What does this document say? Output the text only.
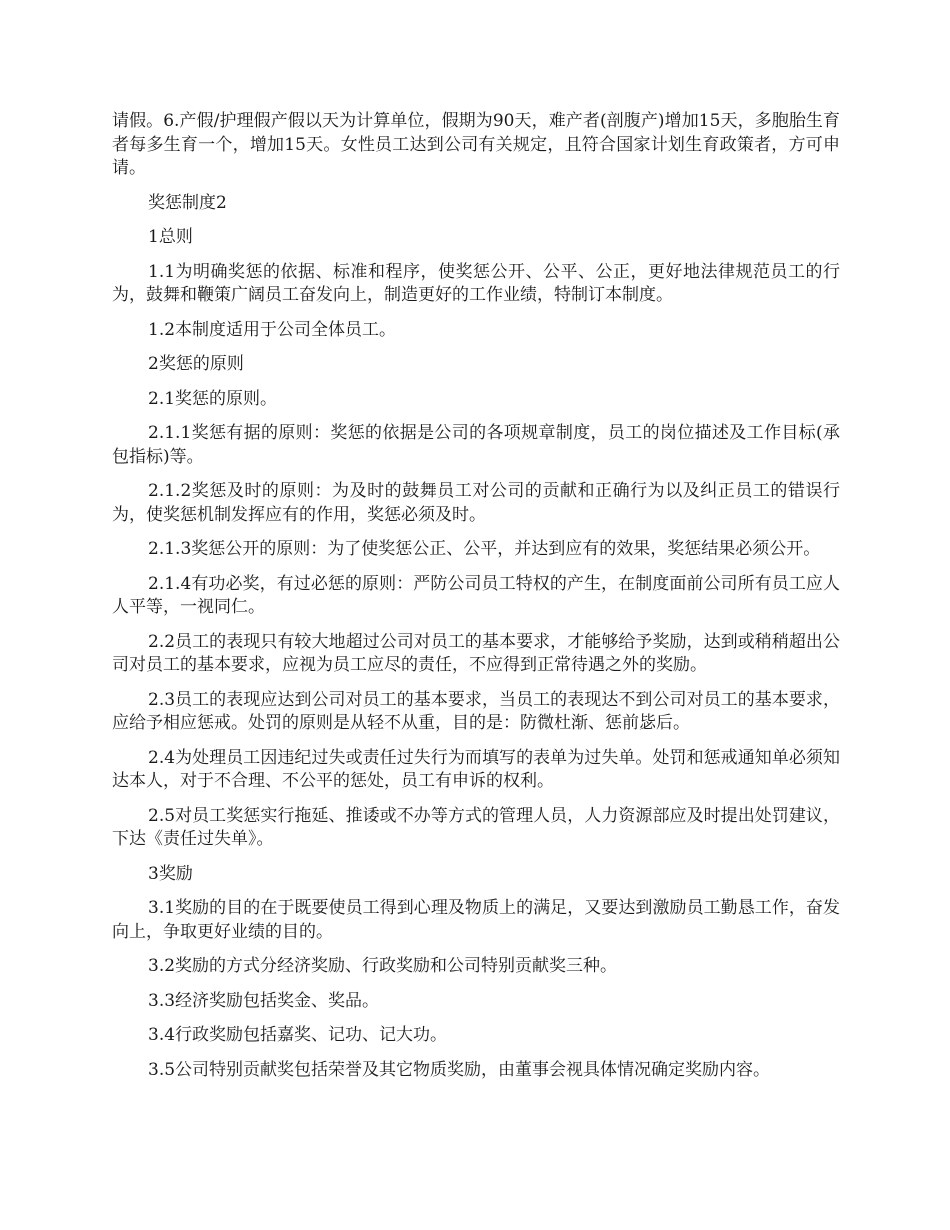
请假。6.产假/护理假产假以天为计算单位，假期为90天，难产者(剖腹产)增加15天，多胞胎生育者每多生育一个，增加15天。女性员工达到公司有关规定，且符合国家计划生育政策者，方可申请。

奖惩制度2

1总则

1.1为明确奖惩的依据、标准和程序，使奖惩公开、公平、公正，更好地法律规范员工的行为，鼓舞和鞭策广阔员工奋发向上，制造更好的工作业绩，特制订本制度。

1.2本制度适用于公司全体员工。

2奖惩的原则

2.1奖惩的原则。

2.1.1奖惩有据的原则：奖惩的依据是公司的各项规章制度，员工的岗位描述及工作目标(承包指标)等。

2.1.2奖惩及时的原则：为及时的鼓舞员工对公司的贡献和正确行为以及纠正员工的错误行为，使奖惩机制发挥应有的作用，奖惩必须及时。

2.1.3奖惩公开的原则：为了使奖惩公正、公平，并达到应有的效果，奖惩结果必须公开。

2.1.4有功必奖，有过必惩的原则：严防公司员工特权的产生，在制度面前公司所有员工应人人平等，一视同仁。

2.2员工的表现只有较大地超过公司对员工的基本要求，才能够给予奖励，达到或稍稍超出公司对员工的基本要求，应视为员工应尽的责任，不应得到正常待遇之外的奖励。

2.3员工的表现应达到公司对员工的基本要求，当员工的表现达不到公司对员工的基本要求，应给予相应惩戒。处罚的原则是从轻不从重，目的是：防微杜渐、惩前毖后。

2.4为处理员工因违纪过失或责任过失行为而填写的表单为过失单。处罚和惩戒通知单必须知达本人，对于不合理、不公平的惩处，员工有申诉的权利。

2.5对员工奖惩实行拖延、推诿或不办等方式的管理人员，人力资源部应及时提出处罚建议，下达《责任过失单》。

3奖励

3.1奖励的目的在于既要使员工得到心理及物质上的满足，又要达到激励员工勤恳工作，奋发向上，争取更好业绩的目的。

3.2奖励的方式分经济奖励、行政奖励和公司特别贡献奖三种。

3.3经济奖励包括奖金、奖品。

3.4行政奖励包括嘉奖、记功、记大功。

3.5公司特别贡献奖包括荣誉及其它物质奖励，由董事会视具体情况确定奖励内容。
